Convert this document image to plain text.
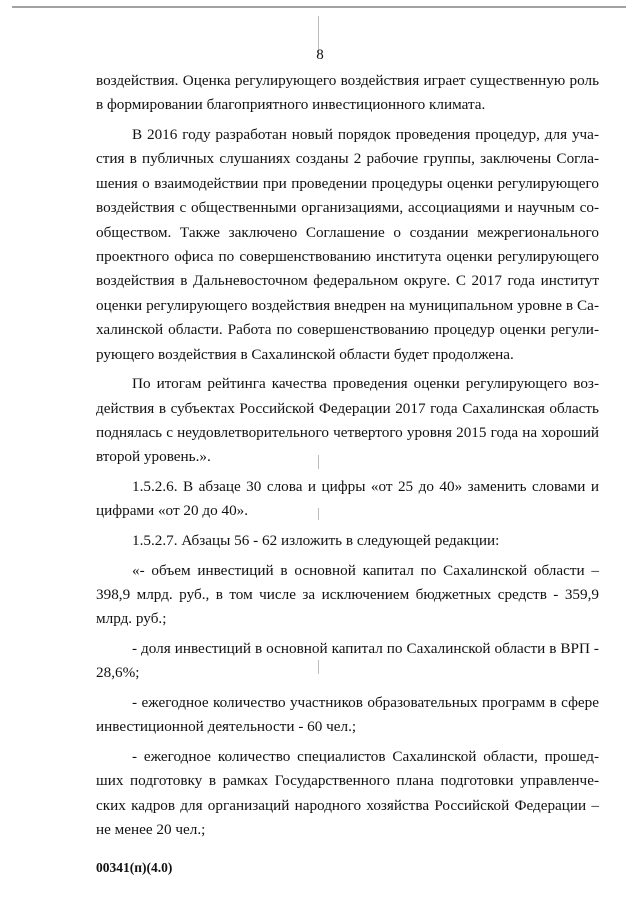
8

воздействия. Оценка регулирующего воздействия играет существенную роль в формировании благоприятного инвестиционного климата.

В 2016 году разработан новый порядок проведения процедур, для участия в публичных слушаниях созданы 2 рабочие группы, заключены Соглашения о взаимодействии при проведении процедуры оценки регулирующего воздействия с общественными организациями, ассоциациями и научным сообществом. Также заключено Соглашение о создании межрегионального проектного офиса по совершенствованию института оценки регулирующего воздействия в Дальневосточном федеральном округе. С 2017 года институт оценки регулирующего воздействия внедрен на муниципальном уровне в Сахалинской области. Работа по совершенствованию процедур оценки регулирующего воздействия в Сахалинской области будет продолжена.

По итогам рейтинга качества проведения оценки регулирующего воздействия в субъектах Российской Федерации 2017 года Сахалинская область поднялась с неудовлетворительного четвертого уровня 2015 года на хороший второй уровень.».

1.5.2.6. В абзаце 30 слова и цифры «от 25 до 40» заменить словами и цифрами «от 20 до 40».

1.5.2.7. Абзацы 56 - 62 изложить в следующей редакции:

«- объем инвестиций в основной капитал по Сахалинской области – 398,9 млрд. руб., в том числе за исключением бюджетных средств - 359,9 млрд. руб.;

- доля инвестиций в основной капитал по Сахалинской области в ВРП - 28,6%;

- ежегодное количество участников образовательных программ в сфере инвестиционной деятельности - 60 чел.;

- ежегодное количество специалистов Сахалинской области, прошедших подготовку в рамках Государственного плана подготовки управленческих кадров для организаций народного хозяйства Российской Федерации – не менее 20 чел.;

00341(п)(4.0)
